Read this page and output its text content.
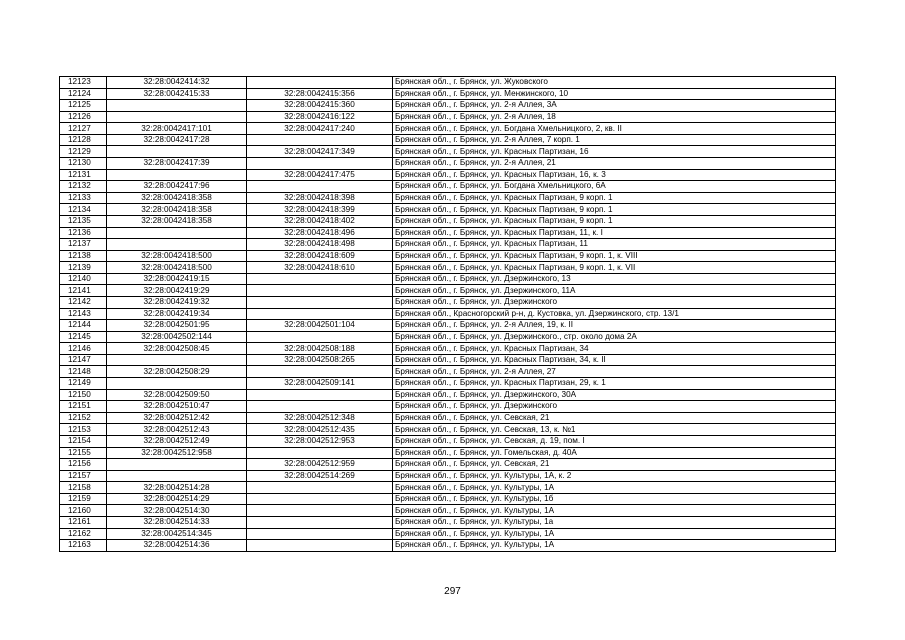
12123	32:28:0042414:32		Брянская обл., г. Брянск, ул. Жуковского
12124	32:28:0042415:33	32:28:0042415:356	Брянская обл., г. Брянск, ул. Менжинского, 10
12125		32:28:0042415:360	Брянская обл., г. Брянск, ул. 2-я Аллея, 3А
12126		32:28:0042416:122	Брянская обл., г. Брянск, ул. 2-я Аллея, 18
12127	32:28:0042417:101	32:28:0042417:240	Брянская обл., г. Брянск, ул. Богдана Хмельницкого, 2, кв. II
12128	32:28:0042417:28		Брянская обл., г. Брянск, ул. 2-я Аллея, 7 корп. 1
12129		32:28:0042417:349	Брянская обл., г. Брянск, ул. Красных Партизан, 16
12130	32:28:0042417:39		Брянская обл., г. Брянск, ул. 2-я Аллея, 21
12131		32:28:0042417:475	Брянская обл., г. Брянск, ул. Красных Партизан, 16, к. 3
12132	32:28:0042417:96		Брянская обл., г. Брянск, ул. Богдана Хмельницкого, 6А
12133	32:28:0042418:358	32:28:0042418:398	Брянская обл., г. Брянск, ул. Красных Партизан, 9 корп. 1
12134	32:28:0042418:358	32:28:0042418:399	Брянская обл., г. Брянск, ул. Красных Партизан, 9 корп. 1
12135	32:28:0042418:358	32:28:0042418:402	Брянская обл., г. Брянск, ул. Красных Партизан, 9 корп. 1
12136		32:28:0042418:496	Брянская обл., г. Брянск, ул. Красных Партизан, 11, к. I
12137		32:28:0042418:498	Брянская обл., г. Брянск, ул. Красных Партизан, 11
12138	32:28:0042418:500	32:28:0042418:609	Брянская обл., г. Брянск, ул. Красных Партизан, 9 корп. 1, к. VIII
12139	32:28:0042418:500	32:28:0042418:610	Брянская обл., г. Брянск, ул. Красных Партизан, 9 корп. 1, к. VII
12140	32:28:0042419:15		Брянская обл., г. Брянск, ул. Дзержинского, 13
12141	32:28:0042419:29		Брянская обл., г. Брянск, ул. Дзержинского, 11А
12142	32:28:0042419:32		Брянская обл., г. Брянск, ул. Дзержинского
12143	32:28:0042419:34		Брянская обл., Красногорский р-н, д. Кустовка, ул. Дзержинского, стр. 13/1
12144	32:28:0042501:95	32:28:0042501:104	Брянская обл., г. Брянск, ул. 2-я Аллея, 19, к. II
12145	32:28:0042502:144		Брянская обл., г. Брянск, ул. Дзержинского., стр. около дома 2А
12146	32:28:0042508:45	32:28:0042508:188	Брянская обл., г. Брянск, ул. Красных Партизан, 34
12147		32:28:0042508:265	Брянская обл., г. Брянск, ул. Красных Партизан, 34, к. II
12148	32:28:0042508:29		Брянская обл., г. Брянск, ул. 2-я Аллея, 27
12149		32:28:0042509:141	Брянская обл., г. Брянск, ул. Красных Партизан, 29, к. 1
12150	32:28:0042509:50		Брянская обл., г. Брянск, ул. Дзержинского, 30А
12151	32:28:0042510:47		Брянская обл., г. Брянск, ул. Дзержинского
12152	32:28:0042512:42	32:28:0042512:348	Брянская обл., г. Брянск, ул. Севская, 21
12153	32:28:0042512:43	32:28:0042512:435	Брянская обл., г. Брянск, ул. Севская, 13, к. №1
12154	32:28:0042512:49	32:28:0042512:953	Брянская обл., г. Брянск, ул. Севская, д. 19, пом. I
12155	32:28:0042512:958		Брянская обл., г. Брянск, ул. Гомельская, д. 40А
12156		32:28:0042512:959	Брянская обл., г. Брянск, ул. Севская, 21
12157		32:28:0042514:269	Брянская обл., г. Брянск, ул. Культуры, 1А, к. 2
12158	32:28:0042514:28		Брянская обл., г. Брянск, ул. Культуры, 1А
12159	32:28:0042514:29		Брянская обл., г. Брянск, ул. Культуры, 1б
12160	32:28:0042514:30		Брянская обл., г. Брянск, ул. Культуры, 1А
12161	32:28:0042514:33		Брянская обл., г. Брянск, ул. Культуры, 1а
12162	32:28:0042514:345		Брянская обл., г. Брянск, ул. Культуры, 1А
12163	32:28:0042514:36		Брянская обл., г. Брянск, ул. Культуры, 1А
297
